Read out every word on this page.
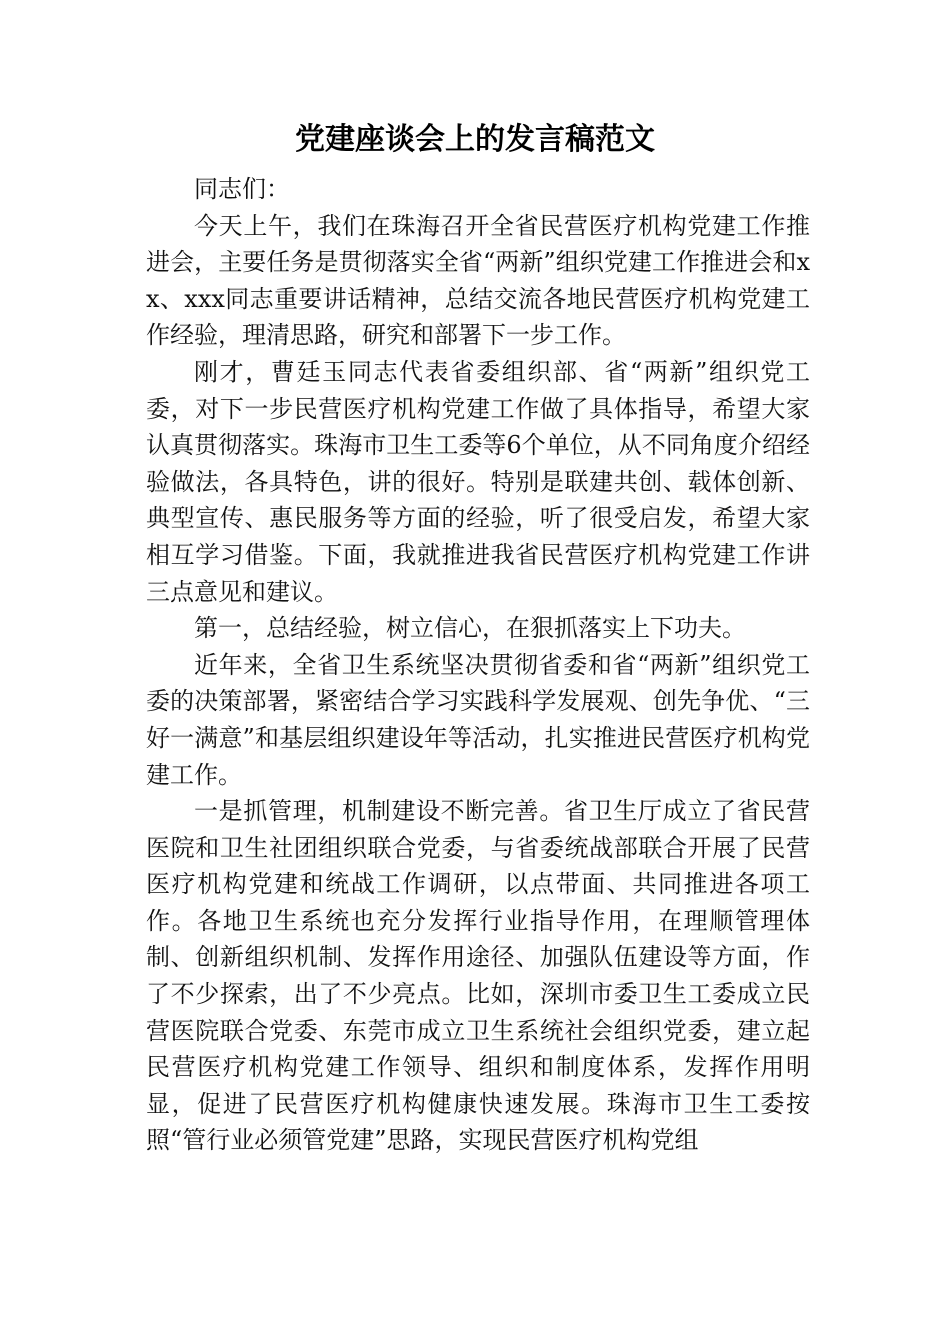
党建座谈会上的发言稿范文

同志们：

今天上午，我们在珠海召开全省民营医疗机构党建工作推进会，主要任务是贯彻落实全省“两新”组织党建工作推进会和xx、xxx同志重要讲话精神，总结交流各地民营医疗机构党建工作经验，理清思路，研究和部署下一步工作。

刚才，曹廷玉同志代表省委组织部、省“两新”组织党工委，对下一步民营医疗机构党建工作做了具体指导，希望大家认真贯彻落实。珠海市卫生工委等6个单位，从不同角度介绍经验做法，各具特色，讲的很好。特别是联建共创、载体创新、典型宣传、惠民服务等方面的经验，听了很受启发，希望大家相互学习借鉴。下面，我就推进我省民营医疗机构党建工作讲三点意见和建议。

第一，总结经验，树立信心，在狠抓落实上下功夫。

近年来，全省卫生系统坚决贯彻省委和省“两新”组织党工委的决策部署，紧密结合学习实践科学发展观、创先争优、“三好一满意”和基层组织建设年等活动，扎实推进民营医疗机构党建工作。

一是抓管理，机制建设不断完善。省卫生厅成立了省民营医院和卫生社团组织联合党委，与省委统战部联合开展了民营医疗机构党建和统战工作调研，以点带面、共同推进各项工作。各地卫生系统也充分发挥行业指导作用，在理顺管理体制、创新组织机制、发挥作用途径、加强队伍建设等方面，作了不少探索，出了不少亮点。比如，深圳市委卫生工委成立民营医院联合党委、东莞市成立卫生系统社会组织党委，建立起民营医疗机构党建工作领导、组织和制度体系，发挥作用明显，促进了民营医疗机构健康快速发展。珠海市卫生工委按照“管行业必须管党建”思路，实现民营医疗机构党组
